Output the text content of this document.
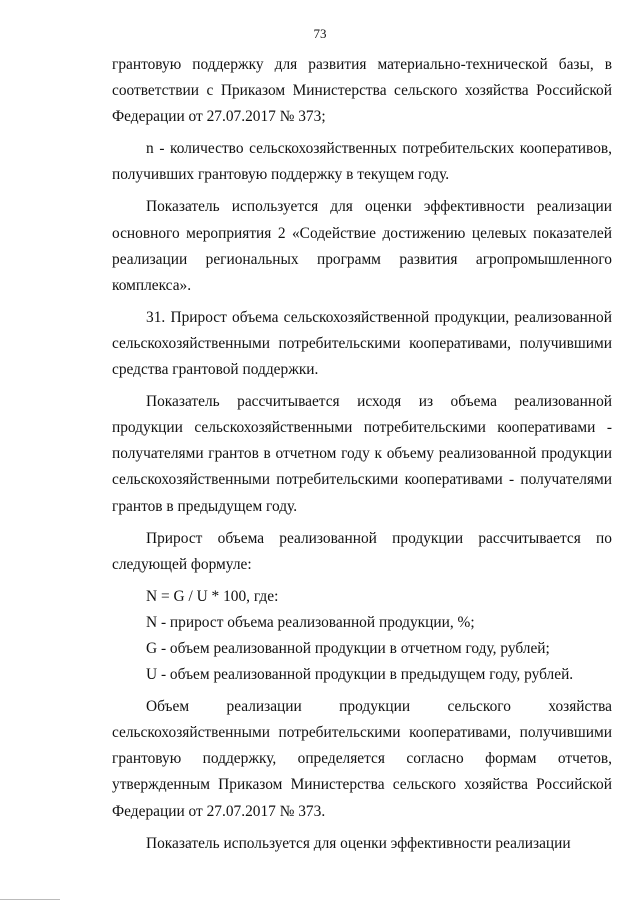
73

грантовую поддержку для развития материально-технической базы, в соответствии с Приказом Министерства сельского хозяйства Российской Федерации от 27.07.2017 № 373;

n - количество сельскохозяйственных потребительских кооперативов, получивших грантовую поддержку в текущем году.

Показатель используется для оценки эффективности реализации основного мероприятия 2 «Содействие достижению целевых показателей реализации региональных программ развития агропромышленного комплекса».

31. Прирост объема сельскохозяйственной продукции, реализованной сельскохозяйственными потребительскими кооперативами, получившими средства грантовой поддержки.

Показатель рассчитывается исходя из объема реализованной продукции сельскохозяйственными потребительскими кооперативами - получателями грантов в отчетном году к объему реализованной продукции сельскохозяйственными потребительскими кооперативами - получателями грантов в предыдущем году.

Прирост объема реализованной продукции рассчитывается по следующей формуле:

N = G / U * 100, где:

N - прирост объема реализованной продукции, %;

G - объем реализованной продукции в отчетном году, рублей;

U - объем реализованной продукции в предыдущем году, рублей.

Объем реализации продукции сельского хозяйства сельскохозяйственными потребительскими кооперативами, получившими грантовую поддержку, определяется согласно формам отчетов, утвержденным Приказом Министерства сельского хозяйства Российской Федерации от 27.07.2017 № 373.

Показатель используется для оценки эффективности реализации
